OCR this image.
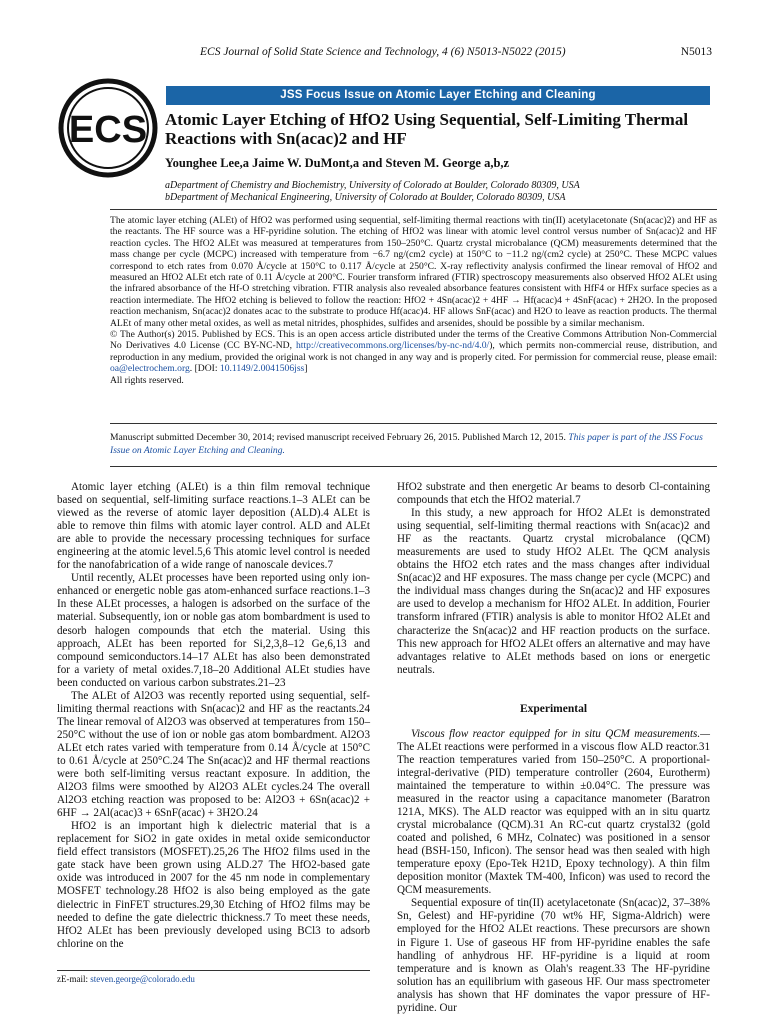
ECS Journal of Solid State Science and Technology, 4 (6) N5013-N5022 (2015)	N5013
ECS
JSS Focus Issue on Atomic Layer Etching and Cleaning
Atomic Layer Etching of HfO2 Using Sequential, Self-Limiting Thermal Reactions with Sn(acac)2 and HF
Younghee Lee,a Jaime W. DuMont,a and Steven M. George a,b,z
aDepartment of Chemistry and Biochemistry, University of Colorado at Boulder, Colorado 80309, USA
bDepartment of Mechanical Engineering, University of Colorado at Boulder, Colorado 80309, USA

The atomic layer etching (ALEt) of HfO2 was performed using sequential, self-limiting thermal reactions with tin(II) acetylacetonate (Sn(acac)2) and HF as the reactants. The HF source was a HF-pyridine solution. The etching of HfO2 was linear with atomic level control versus number of Sn(acac)2 and HF reaction cycles. The HfO2 ALEt was measured at temperatures from 150–250°C. Quartz crystal microbalance (QCM) measurements determined that the mass change per cycle (MCPC) increased with temperature from −6.7 ng/(cm2 cycle) at 150°C to −11.2 ng/(cm2 cycle) at 250°C. These MCPC values correspond to etch rates from 0.070 Å/cycle at 150°C to 0.117 Å/cycle at 250°C. X-ray reflectivity analysis confirmed the linear removal of HfO2 and measured an HfO2 ALEt etch rate of 0.11 Å/cycle at 200°C. Fourier transform infrared (FTIR) spectroscopy measurements also observed HfO2 ALEt using the infrared absorbance of the Hf-O stretching vibration. FTIR analysis also revealed absorbance features consistent with HfF4 or HfFx surface species as a reaction intermediate. The HfO2 etching is believed to follow the reaction: HfO2 + 4Sn(acac)2 + 4HF → Hf(acac)4 + 4SnF(acac) + 2H2O. In the proposed reaction mechanism, Sn(acac)2 donates acac to the substrate to produce Hf(acac)4. HF allows SnF(acac) and H2O to leave as reaction products. The thermal ALEt of many other metal oxides, as well as metal nitrides, phosphides, sulfides and arsenides, should be possible by a similar mechanism.

© The Author(s) 2015. Published by ECS. This is an open access article distributed under the terms of the Creative Commons Attribution Non-Commercial No Derivatives 4.0 License (CC BY-NC-ND, http://creativecommons.org/licenses/by-nc-nd/4.0/), which permits non-commercial reuse, distribution, and reproduction in any medium, provided the original work is not changed in any way and is properly cited. For permission for commercial reuse, please email: oa@electrochem.org. [DOI: 10.1149/2.0041506jss]

All rights reserved.

Manuscript submitted December 30, 2014; revised manuscript received February 26, 2015. Published March 12, 2015. This paper is part of the JSS Focus Issue on Atomic Layer Etching and Cleaning.

Atomic layer etching (ALEt) is a thin film removal technique based on sequential, self-limiting surface reactions.1–3 ALEt can be viewed as the reverse of atomic layer deposition (ALD).4 ALEt is able to remove thin films with atomic layer control. ALD and ALEt are able to provide the necessary processing techniques for surface engineering at the atomic level.5,6 This atomic level control is needed for the nanofabrication of a wide range of nanoscale devices.7

Until recently, ALEt processes have been reported using only ion-enhanced or energetic noble gas atom-enhanced surface reactions.1–3 In these ALEt processes, a halogen is adsorbed on the surface of the material. Subsequently, ion or noble gas atom bombardment is used to desorb halogen compounds that etch the material. Using this approach, ALEt has been reported for Si,2,3,8–12 Ge,6,13 and compound semiconductors.14–17 ALEt has also been demonstrated for a variety of metal oxides.7,18–20 Additional ALEt studies have been conducted on various carbon substrates.21–23

The ALEt of Al2O3 was recently reported using sequential, self-limiting thermal reactions with Sn(acac)2 and HF as the reactants.24 The linear removal of Al2O3 was observed at temperatures from 150–250°C without the use of ion or noble gas atom bombardment. Al2O3 ALEt etch rates varied with temperature from 0.14 Å/cycle at 150°C to 0.61 Å/cycle at 250°C.24 The Sn(acac)2 and HF thermal reactions were both self-limiting versus reactant exposure. In addition, the Al2O3 films were smoothed by Al2O3 ALEt cycles.24 The overall Al2O3 etching reaction was proposed to be: Al2O3 + 6Sn(acac)2 + 6HF → 2Al(acac)3 + 6SnF(acac) + 3H2O.24

HfO2 is an important high k dielectric material that is a replacement for SiO2 in gate oxides in metal oxide semiconductor field effect transistors (MOSFET).25,26 The HfO2 films used in the gate stack have been grown using ALD.27 The HfO2-based gate oxide was introduced in 2007 for the 45 nm node in complementary MOSFET technology.28 HfO2 is also being employed as the gate dielectric in FinFET structures.29,30 Etching of HfO2 films may be needed to define the gate dielectric thickness.7 To meet these needs, HfO2 ALEt has been previously developed using BCl3 to adsorb chlorine on the

HfO2 substrate and then energetic Ar beams to desorb Cl-containing compounds that etch the HfO2 material.7

In this study, a new approach for HfO2 ALEt is demonstrated using sequential, self-limiting thermal reactions with Sn(acac)2 and HF as the reactants. Quartz crystal microbalance (QCM) measurements are used to study HfO2 ALEt. The QCM analysis obtains the HfO2 etch rates and the mass changes after individual Sn(acac)2 and HF exposures. The mass change per cycle (MCPC) and the individual mass changes during the Sn(acac)2 and HF exposures are used to develop a mechanism for HfO2 ALEt. In addition, Fourier transform infrared (FTIR) analysis is able to monitor HfO2 ALEt and characterize the Sn(acac)2 and HF reaction products on the surface. This new approach for HfO2 ALEt offers an alternative and may have advantages relative to ALEt methods based on ions or energetic neutrals.

Experimental

Viscous flow reactor equipped for in situ QCM measurements.—The ALEt reactions were performed in a viscous flow ALD reactor.31 The reaction temperatures varied from 150–250°C. A proportional-integral-derivative (PID) temperature controller (2604, Eurotherm) maintained the temperature to within ±0.04°C. The pressure was measured in the reactor using a capacitance manometer (Baratron 121A, MKS). The ALD reactor was equipped with an in situ quartz crystal microbalance (QCM).31 An RC-cut quartz crystal32 (gold coated and polished, 6 MHz, Colnatec) was positioned in a sensor head (BSH-150, Inficon). The sensor head was then sealed with high temperature epoxy (Epo-Tek H21D, Epoxy technology). A thin film deposition monitor (Maxtek TM-400, Inficon) was used to record the QCM measurements.

Sequential exposure of tin(II) acetylacetonate (Sn(acac)2, 37–38% Sn, Gelest) and HF-pyridine (70 wt% HF, Sigma-Aldrich) were employed for the HfO2 ALEt reactions. These precursors are shown in Figure 1. Use of gaseous HF from HF-pyridine enables the safe handling of anhydrous HF. HF-pyridine is a liquid at room temperature and is known as Olah's reagent.33 The HF-pyridine solution has an equilibrium with gaseous HF. Our mass spectrometer analysis has shown that HF dominates the vapor pressure of HF-pyridine. Our

zE-mail: steven.george@colorado.edu
